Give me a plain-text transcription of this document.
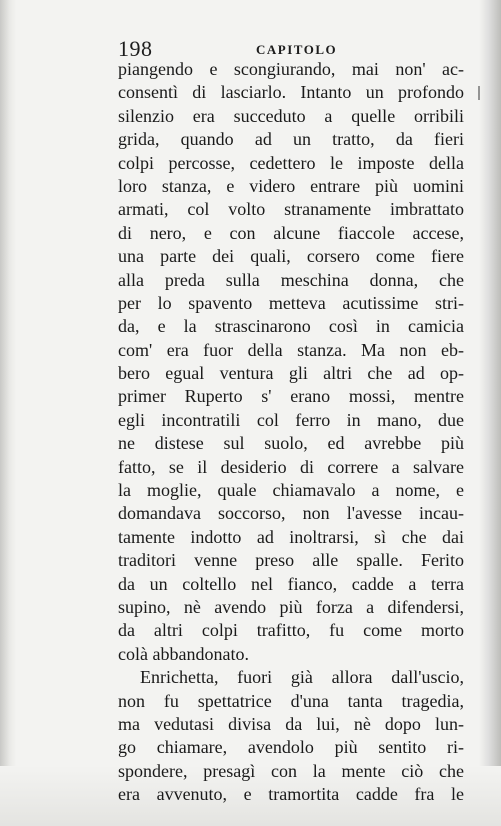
198	CAPITOLO
piangendo e scongiurando, mai non' ac-
consentì di lasciarlo. Intanto un profondo
silenzio era succeduto a quelle orribili
grida, quando ad un tratto, da fieri
colpi percosse, cedettero le imposte della
loro stanza, e videro entrare più uomini
armati, col volto stranamente imbrattato
di nero, e con alcune fiaccole accese,
una parte dei quali, corsero come fiere
alla preda sulla meschina donna, che
per lo spavento metteva acutissime stri-
da, e la strascinarono così in camicia
com' era fuor della stanza. Ma non eb-
bero egual ventura gli altri che ad op-
primer Ruperto s' erano mossi, mentre
egli incontratili col ferro in mano, due
ne distese sul suolo, ed avrebbe più
fatto, se il desiderio di correre a salvare
la moglie, quale chiamavalo a nome, e
domandava soccorso, non l'avesse incau-
tamente indotto ad inoltrarsi, sì che dai
traditori venne preso alle spalle. Ferito
da un coltello nel fianco, cadde a terra
supino, nè avendo più forza a difendersi,
da altri colpi trafitto, fu come morto
colà abbandonato.
Enrichetta, fuori già allora dall'uscio,
non fu spettatrice d'una tanta tragedia,
ma vedutasi divisa da lui, nè dopo lun-
go chiamare, avendolo più sentito ri-
spondere, presagì con la mente ciò che
era avvenuto, e tramortita cadde fra le
